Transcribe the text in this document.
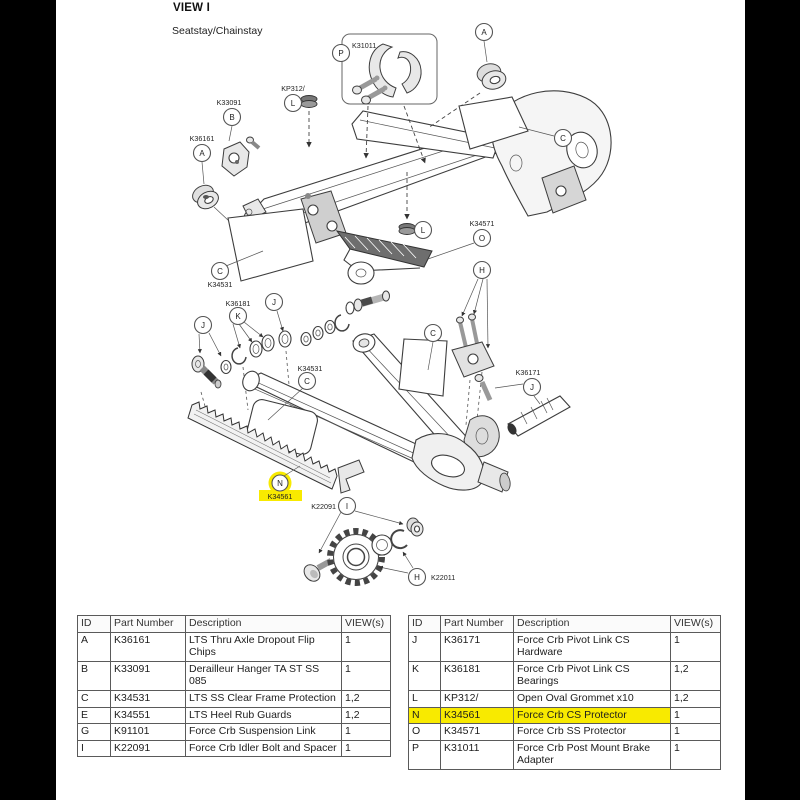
VIEW I
Seatstay/Chainstay
P
A
C
B
A
L
L
O
H
C
C
C
J
K
J
J
N
I
H
K31011
K36161
K33091
KP312/
K34531
K34531
K34571
K36181
K36171
K34561
K22091
K22011
ID	Part Number	Description	VIEW(s)
A	K36161	LTS Thru Axle Dropout Flip Chips	1
B	K33091	Derailleur Hanger TA ST SS 085	1
C	K34531	LTS SS Clear Frame Protection	1,2
E	K34551	LTS Heel Rub Guards	1,2
G	K91101	Force Crb Suspension Link	1
I	K22091	Force Crb Idler Bolt and Spacer	1
ID	Part Number	Description	VIEW(s)
J	K36171	Force Crb Pivot Link CS Hardware	1
K	K36181	Force Crb Pivot Link CS Bearings	1,2
L	KP312/	Open Oval Grommet x10	1,2
N	K34561	Force Crb CS Protector	1
O	K34571	Force Crb SS Protector	1
P	K31011	Force Crb Post Mount Brake Adapter	1
